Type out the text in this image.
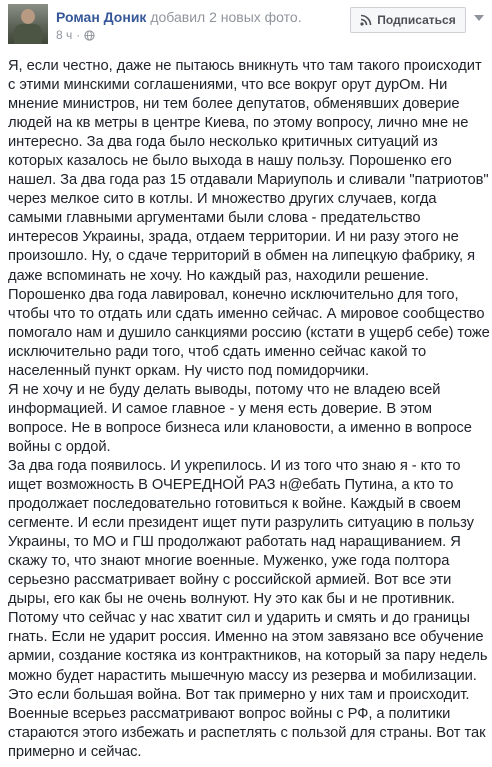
Роман Доник добавил 2 новых фото.
8 ч ·
Подписаться

Я, если честно, даже не пытаюсь вникнуть что там такого происходит с этими минскими соглашениями, что все вокруг орут дурОм. Ни мнение министров, ни тем более депутатов, обменявших доверие людей на кв метры в центре Киева, по этому вопросу, лично мне не интересно. За два года было несколько критичных ситуаций из которых казалось не было выхода в нашу пользу. Порошенко его нашел. За два года раз 15 отдавали Мариуполь и сливали "патриотов" через мелкое сито в котлы. И множество других случаев, когда самыми главными аргументами были слова - предательство интересов Украины, зрада, отдаем территории. И ни разу этого не произошло. Ну, о сдаче территорий в обмен на липецкую фабрику, я даже вспоминать не хочу. Но каждый раз, находили решение. Порошенко два года лавировал, конечно исключительно для того, чтобы что то отдать или сдать именно сейчас. А мировое сообщество помогало нам и душило санкциями россию (кстати в ущерб себе) тоже исключительно ради того, чтоб сдать именно сейчас какой то населенный пункт оркам. Ну чисто под помидорчики.

Я не хочу и не буду делать выводы, потому что не владею всей информацией. И самое главное - у меня есть доверие. В этом вопросе. Не в вопросе бизнеса или клановости, а именно в вопросе войны с ордой.

За два года появилось. И укрепилось. И из того что знаю я - кто то ищет возможность В ОЧЕРЕДНОЙ РАЗ н@ебать Путина, а кто то продолжает последовательно готовиться к войне. Каждый в своем сегменте. И если президент ищет пути разрулить ситуацию в пользу Украины, то МО и ГШ продолжают работать над наращиванием. Я скажу то, что знают многие военные. Муженко, уже года полтора серьезно рассматривает войну с российской армией. Вот все эти дыры, его как бы не очень волнуют. Ну это как бы и не противник. Потому что сейчас у нас хватит сил и ударить и смять и до границы гнать. Если не ударит россия. Именно на этом завязано все обучение армии, создание костяка из контрактников, на который за пару недель можно будет нарастить мышечную массу из резерва и мобилизации. Это если большая война. Вот так примерно у них там и происходит. Военные всерьез рассматривают вопрос войны с РФ, а политики стараются этого избежать и распетлять с пользой для страны. Вот так примерно и сейчас.
